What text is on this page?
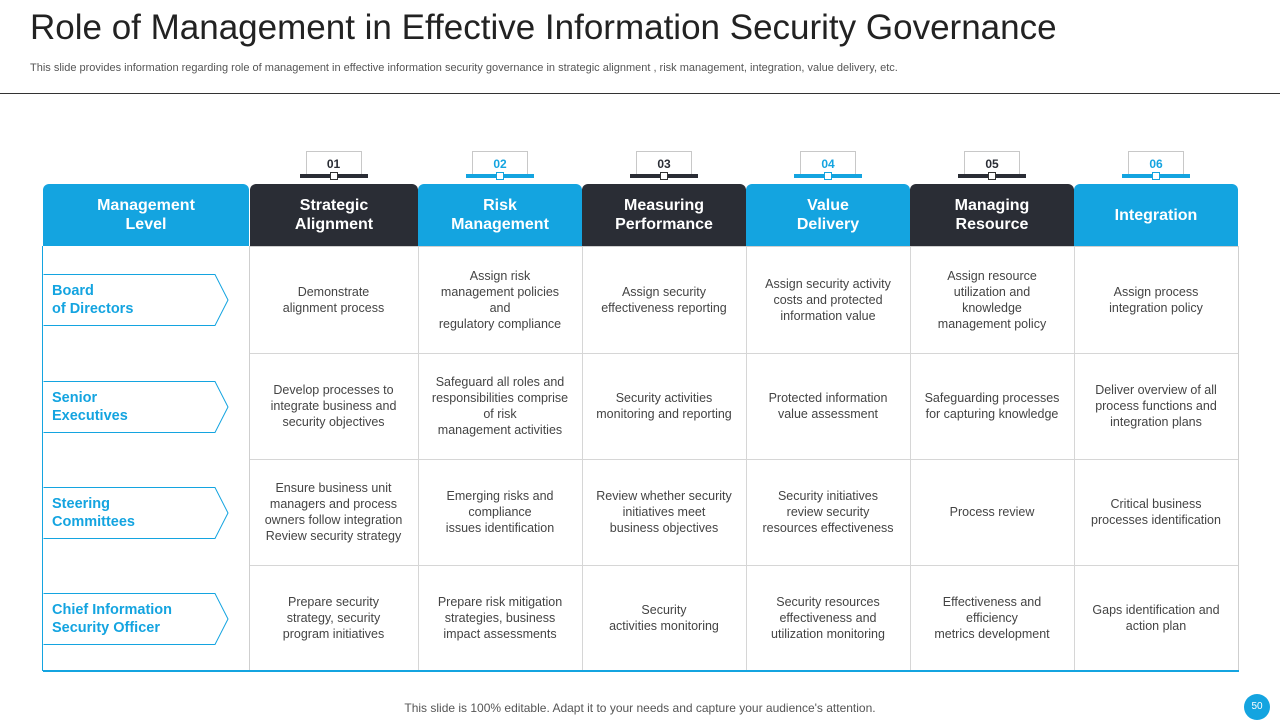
Role of Management in Effective Information Security Governance
This slide provides information regarding role of management in effective information security governance in strategic alignment , risk management, integration, value delivery, etc.
Management
Level
01
Strategic
Alignment
02
Risk
Management
03
Measuring
Performance
04
Value
Delivery
05
Managing
Resource
06
Integration
Board
of Directors
Demonstrate
alignment process
Assign risk
management policies
and
regulatory compliance
Assign security
effectiveness reporting
Assign security activity
costs and protected
information value
Assign resource
utilization and
knowledge
management policy
Assign process
integration policy
Senior
Executives
Develop processes to
integrate business and
security objectives
Safeguard all roles and
responsibilities comprise
of risk
management activities
Security activities
monitoring and reporting
Protected information
value assessment
Safeguarding processes
for capturing knowledge
Deliver overview of all
process functions and
integration plans
Steering
Committees
Ensure business unit
managers and process
owners follow integration
Review security strategy
Emerging risks and
compliance
issues identification
Review whether security
initiatives meet
business objectives
Security initiatives
review security
resources effectiveness
Process review
Critical business
processes identification
Chief Information
Security Officer
Prepare security
strategy, security
program initiatives
Prepare risk mitigation
strategies, business
impact assessments
Security
activities monitoring
Security resources
effectiveness and
utilization monitoring
Effectiveness and
efficiency
metrics development
Gaps identification and
action plan
This slide is 100% editable. Adapt it to your needs and capture your audience's attention.	50
